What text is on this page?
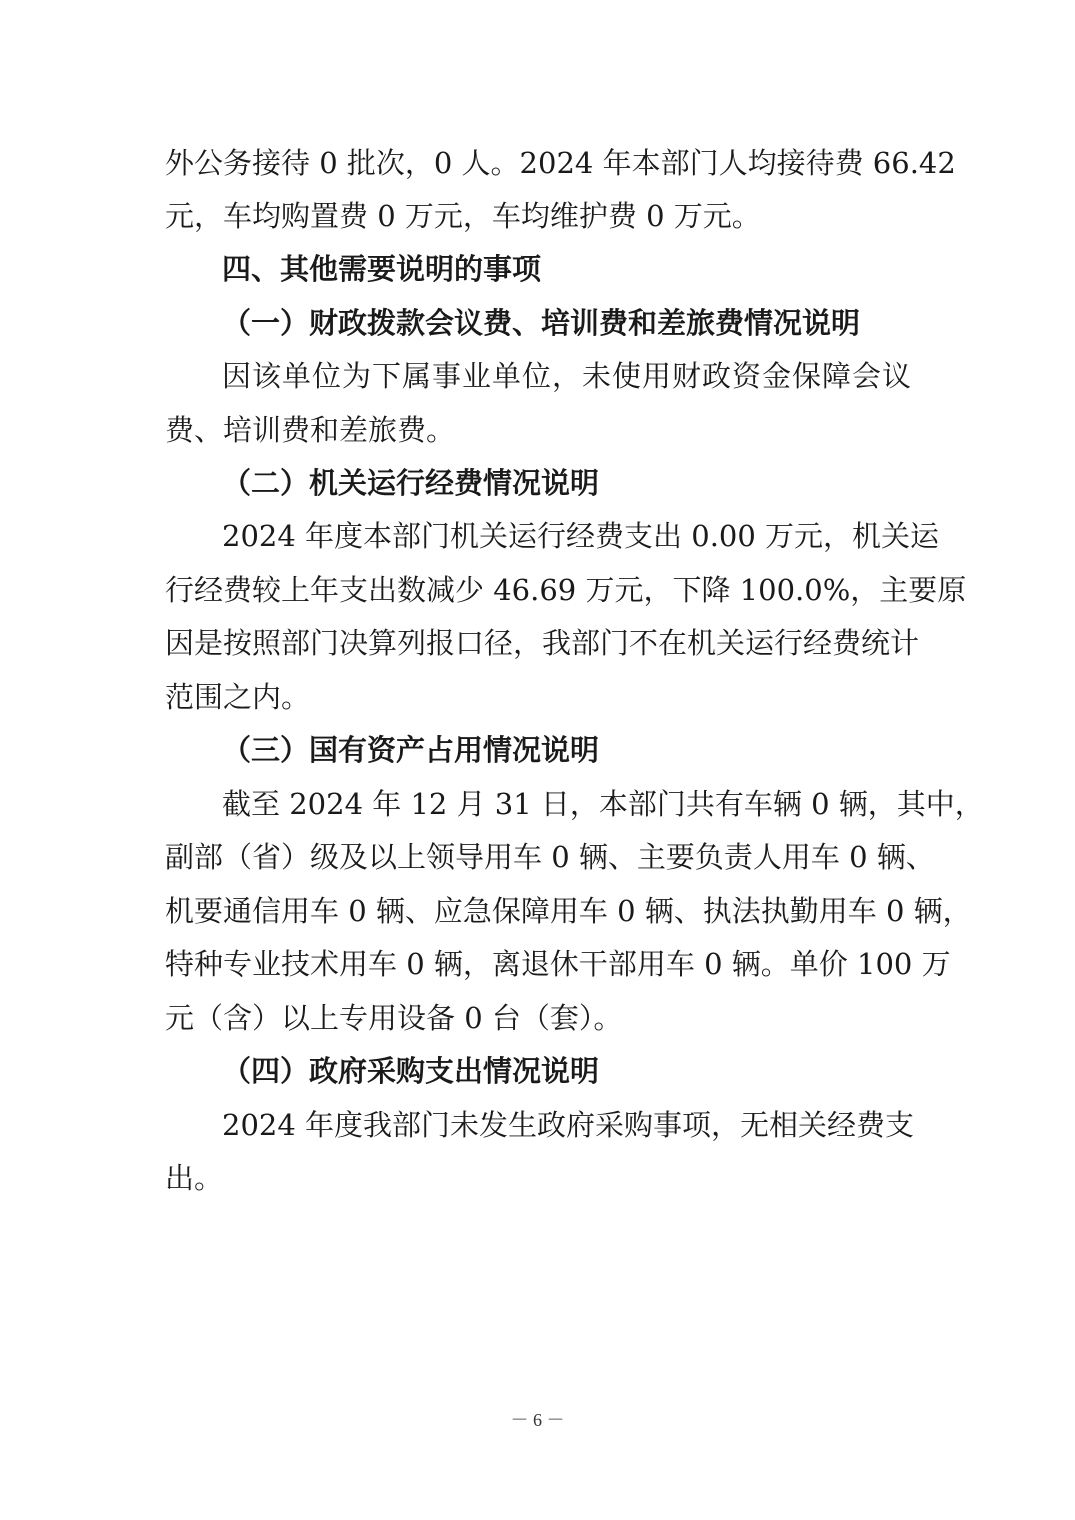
外公务接待 0 批次，0 人。2024 年本部门人均接待费 66.42
元，车均购置费 0 万元，车均维护费 0 万元。
四、其他需要说明的事项
（一）财政拨款会议费、培训费和差旅费情况说明
因该单位为下属事业单位，未使用财政资金保障会议
费、培训费和差旅费。
（二）机关运行经费情况说明
2024 年度本部门机关运行经费支出 0.00 万元，机关运
行经费较上年支出数减少 46.69 万元，下降 100.0%，主要原
因是按照部门决算列报口径，我部门不在机关运行经费统计
范围之内。
（三）国有资产占用情况说明
截至 2024 年 12 月 31 日，本部门共有车辆 0 辆，其中，
副部（省）级及以上领导用车 0 辆、主要负责人用车 0 辆、
机要通信用车 0 辆、应急保障用车 0 辆、执法执勤用车 0 辆，
特种专业技术用车 0 辆，离退休干部用车 0 辆。单价 100 万
元（含）以上专用设备 0 台（套）。
（四）政府采购支出情况说明
2024 年度我部门未发生政府采购事项，无相关经费支
出。
－ 6 －
